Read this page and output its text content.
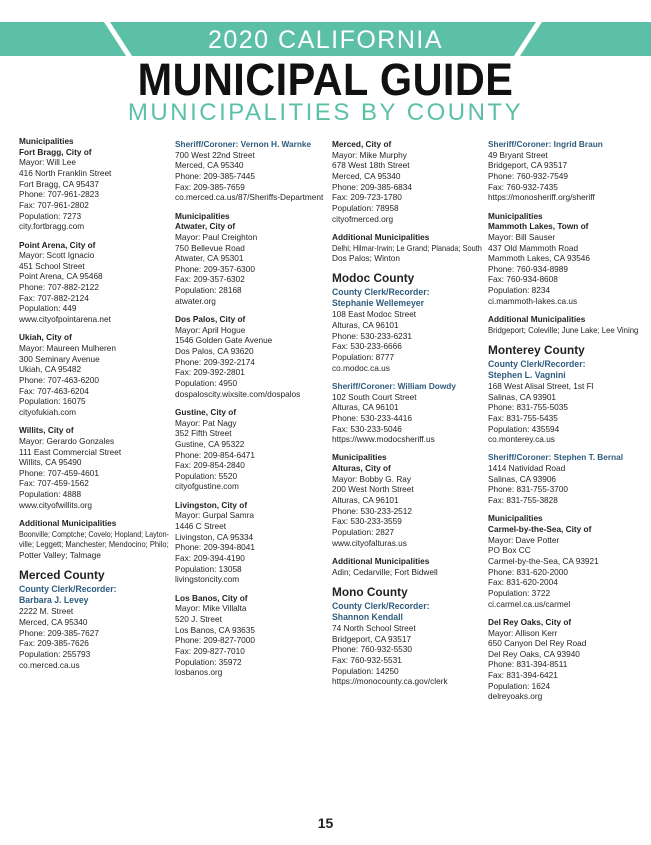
2020 CALIFORNIA
MUNICIPAL GUIDE
MUNICIPALITIES BY COUNTY
Municipalities
Fort Bragg, City of
Mayor: Will Lee
416 North Franklin Street
Fort Bragg, CA 95437
Phone: 707-961-2823
Fax: 707-961-2802
Population: 7273
city.fortbragg.com
Point Arena, City of
Mayor: Scott Ignacio
451 School Street
Point Arena, CA 95468
Phone: 707-882-2122
Fax: 707-882-2124
Population: 449
www.cityofpointarena.net
Ukiah, City of
Mayor: Maureen Mulheren
300 Seminary Avenue
Ukiah, CA 95482
Phone: 707-463-6200
Fax: 707-463-6204
Population: 16075
cityofukiah.com
Willits, City of
Mayor: Gerardo Gonzales
111 East Commercial Street
Willits, CA 95490
Phone: 707-459-4601
Fax: 707-459-1562
Population: 4888
www.cityofwillits.org
Additional Municipalities
Boonville; Comptche; Covelo; Hopland; Layton-
ville; Leggett; Manchester; Mendocino; Philo;
Potter Valley; Talmage
Merced County
County Clerk/Recorder:
Barbara J. Levey
2222 M. Street
Merced, CA 95340
Phone: 209-385-7627
Fax: 209-385-7626
Population: 255793
co.merced.ca.us
Sheriff/Coroner: Vernon H. Warnke
700 West 22nd Street
Merced, CA 95340
Phone: 209-385-7445
Fax: 209-385-7659
co.merced.ca.us/87/Sheriffs-Department
Municipalities
Atwater, City of
Mayor: Paul Creighton
750 Bellevue Road
Atwater, CA 95301
Phone: 209-357-6300
Fax: 209-357-6302
Population: 28168
atwater.org
Dos Palos, City of
Mayor: April Hogue
1546 Golden Gate Avenue
Dos Palos, CA 93620
Phone: 209-392-2174
Fax: 209-392-2801
Population: 4950
dospaloscity.wixsite.com/dospalos
Gustine, City of
Mayor: Pat Nagy
352 Fifth Street
Gustine, CA 95322
Phone: 209-854-6471
Fax: 209-854-2840
Population: 5520
cityofgustine.com
Livingston, City of
Mayor: Gurpal Samra
1446 C Street
Livingston, CA 95334
Phone: 209-394-8041
Fax: 209-394-4190
Population: 13058
livingstoncity.com
Los Banos, City of
Mayor: Mike Villalta
520 J. Street
Los Banos, CA 93635
Phone: 209-827-7000
Fax: 209-827-7010
Population: 35972
losbanos.org
Merced, City of
Mayor: Mike Murphy
678 West 18th Street
Merced, CA 95340
Phone: 209-385-6834
Fax: 209-723-1780
Population: 78958
cityofmerced.org
Additional Municipalities
Delhi; Hilmar-Irwin; Le Grand; Planada; South
Dos Palos; Winton
Modoc County
County Clerk/Recorder:
Stephanie Wellemeyer
108 East Modoc Street
Alturas, CA 96101
Phone: 530-233-6231
Fax: 530-233-6666
Population: 8777
co.modoc.ca.us
Sheriff/Coroner: William Dowdy
102 South Court Street
Alturas, CA 96101
Phone: 530-233-4416
Fax: 530-233-5046
https://www.modocsheriff.us
Municipalities
Alturas, City of
Mayor: Bobby G. Ray
200 West North Street
Alturas, CA 96101
Phone: 530-233-2512
Fax: 530-233-3559
Population: 2827
www.cityofalturas.us
Additional Municipalities
Adin; Cedarville; Fort Bidwell
Mono County
County Clerk/Recorder:
Shannon Kendall
74 North School Street
Bridgeport, CA 93517
Phone: 760-932-5530
Fax: 760-932-5531
Population: 14250
https://monocounty.ca.gov/clerk
Sheriff/Coroner: Ingrid Braun
49 Bryant Street
Bridgeport, CA 93517
Phone: 760-932-7549
Fax: 760-932-7435
https://monosheriff.org/sheriff
Municipalities
Mammoth Lakes, Town of
Mayor: Bill Sauser
437 Old Mammoth Road
Mammoth Lakes, CA 93546
Phone: 760-934-8989
Fax: 760-934-8608
Population: 8234
ci.mammoth-lakes.ca.us
Additional Municipalities
Bridgeport; Coleville; June Lake; Lee Vining
Monterey County
County Clerk/Recorder:
Stephen L. Vagnini
168 West Alisal Street, 1st Fl
Salinas, CA 93901
Phone: 831-755-5035
Fax: 831-755-5435
Population: 435594
co.monterey.ca.us
Sheriff/Coroner: Stephen T. Bernal
1414 Natividad Road
Salinas, CA 93906
Phone: 831-755-3700
Fax: 831-755-3828
Municipalities
Carmel-by-the-Sea, City of
Mayor: Dave Potter
PO Box CC
Carmel-by-the-Sea, CA 93921
Phone: 831-620-2000
Fax: 831-620-2004
Population: 3722
ci.carmel.ca.us/carmel
Del Rey Oaks, City of
Mayor: Allison Kerr
650 Canyon Del Rey Road
Del Rey Oaks, CA 93940
Phone: 831-394-8511
Fax: 831-394-6421
Population: 1624
delreyoaks.org
15
